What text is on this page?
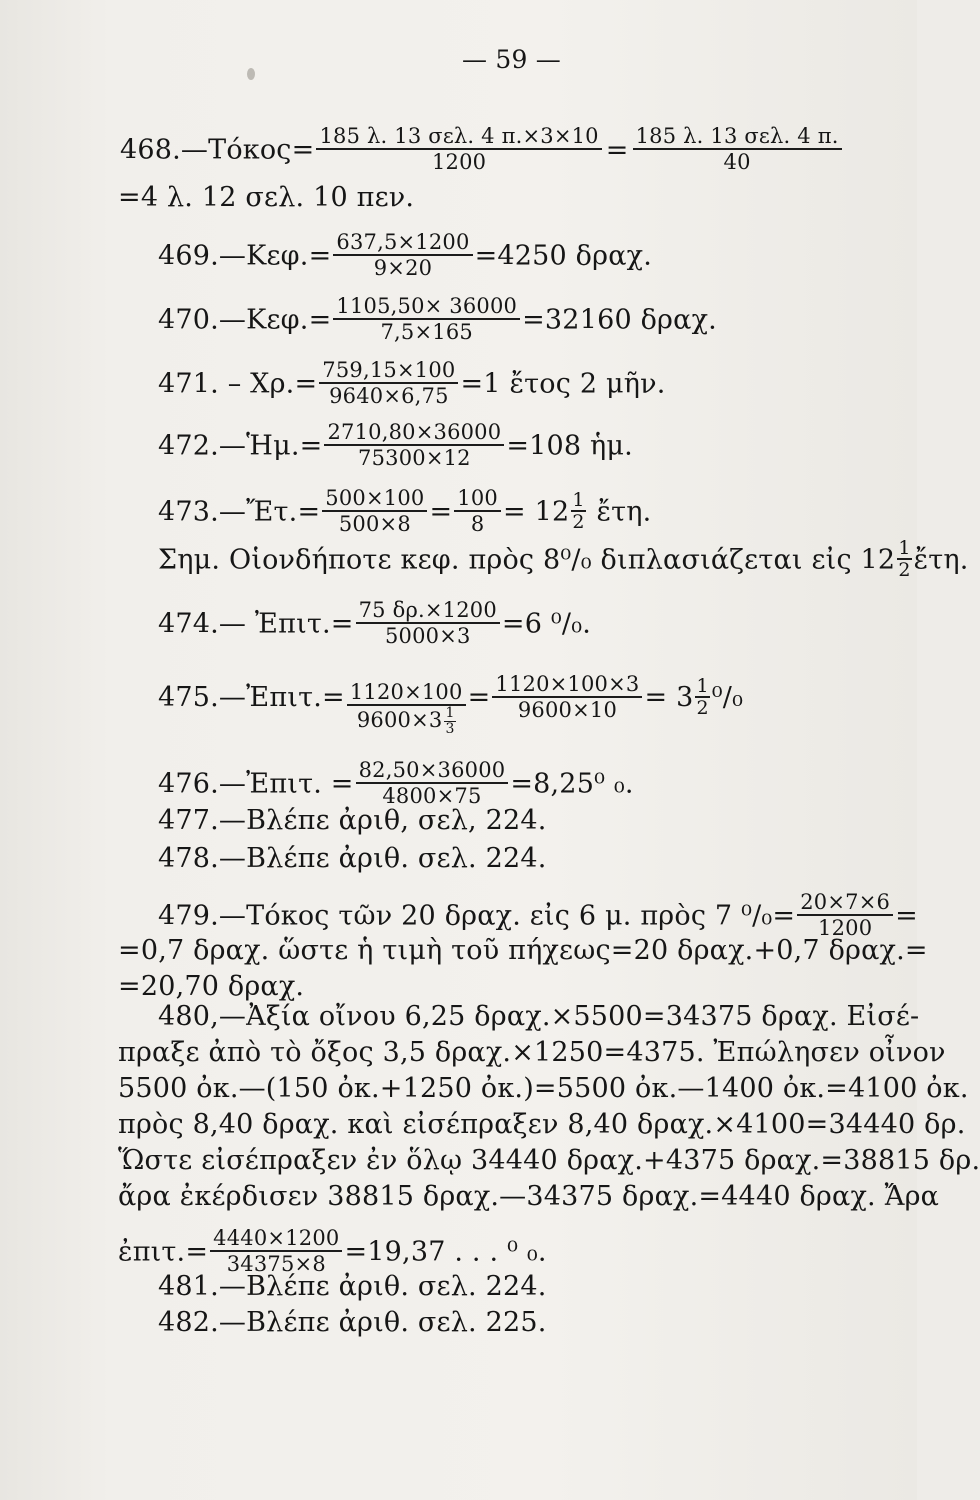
— 59 —
468.—Τόκος= $\frac{\text{185 λ. 13 σελ. 4 π.×3×10}}{1200} = \frac{\text{185 λ. 13 σελ. 4 π.}}{40}$
=4 λ. 12 σελ. 10 πεν.
469.—Κεφ.= $\frac{637,5\times 1200}{9\times 20} =4250$ δραχ.
470.—Κεφ.= $\frac{1105,50\times 36000}{7,5\times 165} =32160$ δραχ.
471. – $X\rho.= \frac{759,15\times 100}{9640\times 6,75} =1$ ἔτος 2 μῆν.
472.—Ἡμ.= $\frac{2710,80\times 36000}{75300\times 12} =108$ ἡμ.
473.—Ἔτ.= $\frac{500\times 100}{500\times 8} = \frac{100}{8} = 12 \frac{1}{2}$ ἔτη.
Σημ. Οἱονδήποτε κεφ. πρὸς 8⁰/₀ διπλασιάζεται εἰς $12 \frac{1}{2}$ ἔτη.
474.— Ἐπιτ.= $\frac{75 \delta\rho.\times 1200}{5000\times 3} =6$ ⁰/₀.
475.—Ἐπιτ.= $\frac{1120\times 100}{9600\times 3 \frac{1}{3}} = \frac{1120\times 100\times 3}{9600\times 10} = 3 \frac{1}{2} ^0/_0$
476.—Ἐπιτ. = $\frac{82,50\times 36000}{4800\times 75} =8,25^0$ ₀.
477.—Βλέπε ἀριθ, σελ, 224.
478.—Βλέπε ἀριθ. σελ. 224.
479.—Τόκος τῶν 20 δραχ. εἰς 6 μ. πρὸς 7 $^0/_0= \frac{20\times 7\times 6}{1200}$ =
=0,7 δραχ. ὥστε ἡ τιμὴ τοῦ πήχεως=20 δραχ.+0,7 δραχ.=
=20,70 δραχ.
480,—Ἀξία οἴνου 6,25 δραχ.×5500=34375 δραχ. Εἰσέ-
πραξε ἀπὸ τὸ ὄξος 3,5 δραχ.×1250=4375. Ἐπώλησεν οἶνον
5500 ὀκ.—(150 ὀκ.+1250 ὀκ.)=5500 ὀκ.—1400 ὀκ.=4100 ὀκ.
πρὸς 8,40 δραχ. καὶ εἰσέπραξεν 8,40 δραχ.×4100=34440 δρ.
Ὥστε εἰσέπραξεν ἐν ὅλῳ 34440 δραχ.+4375 δραχ.=38815 δρ.
ἄρα ἐκέρδισεν 38815 δραχ.—34375 δραχ.=4440 δραχ. Ἄρα
ἐπιτ.= $\frac{4440\times 1200}{34375\times 8} =19,37$ . . . ⁰ ₀.
481.—Βλέπε ἀριθ. σελ. 224.
482.—Βλέπε ἀριθ. σελ. 225.
